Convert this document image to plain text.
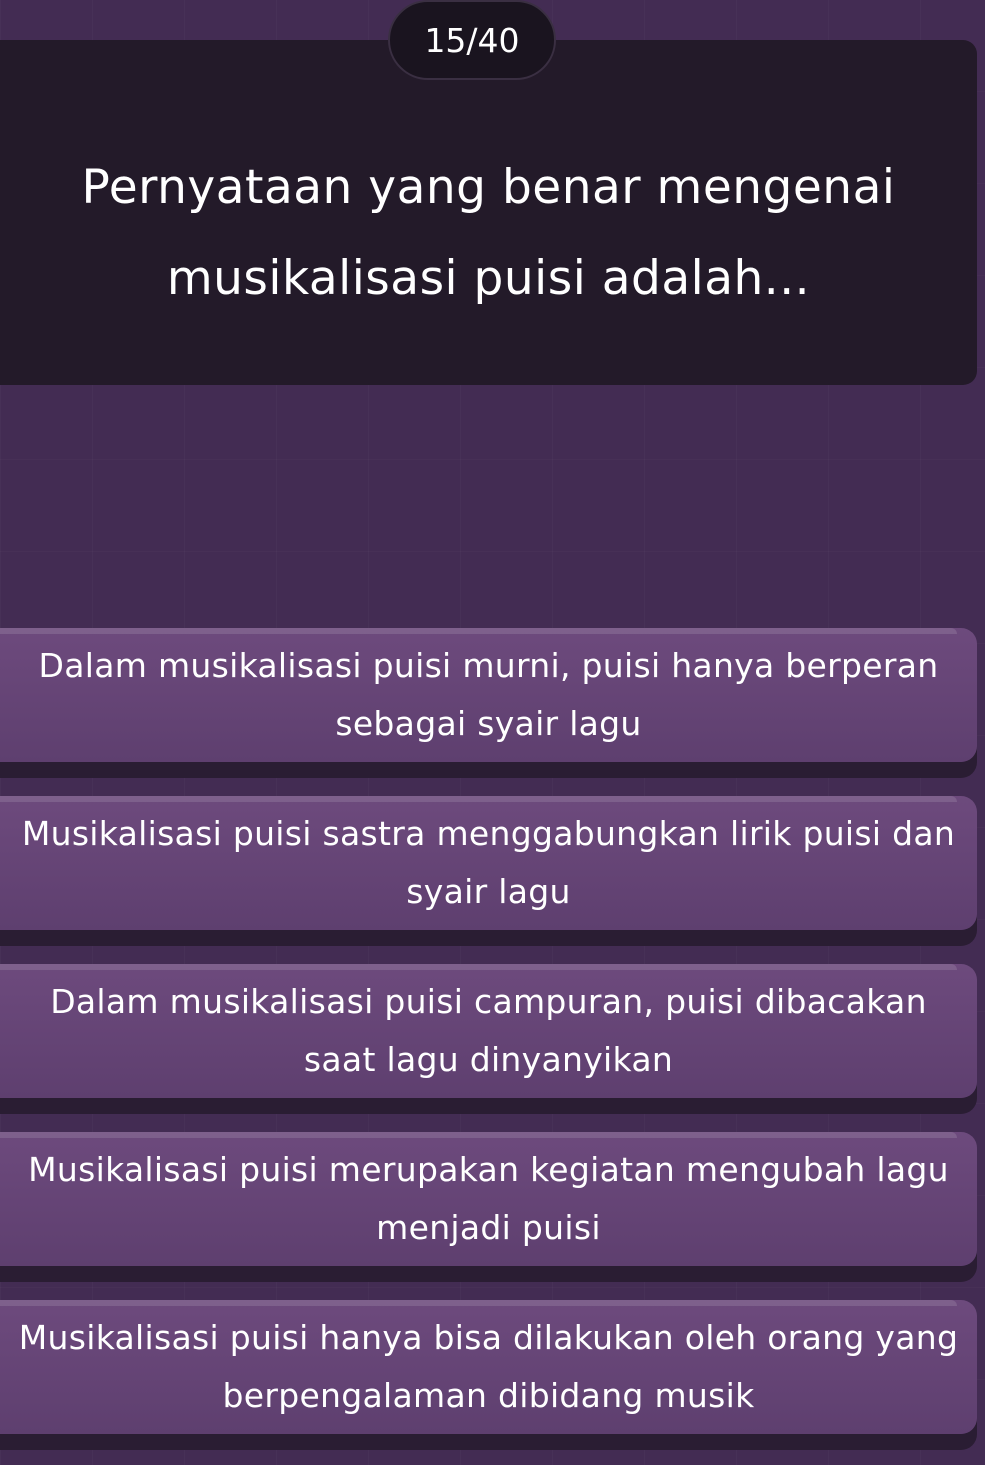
15/40
Pernyataan yang benar mengenai musikalisasi puisi adalah...
Dalam musikalisasi puisi murni, puisi hanya berperan sebagai syair lagu
Musikalisasi puisi sastra menggabungkan lirik puisi dan syair lagu
Dalam musikalisasi puisi campuran, puisi dibacakan saat lagu dinyanyikan
Musikalisasi puisi merupakan kegiatan mengubah lagu menjadi puisi
Musikalisasi puisi hanya bisa dilakukan oleh orang yang berpengalaman dibidang musik
